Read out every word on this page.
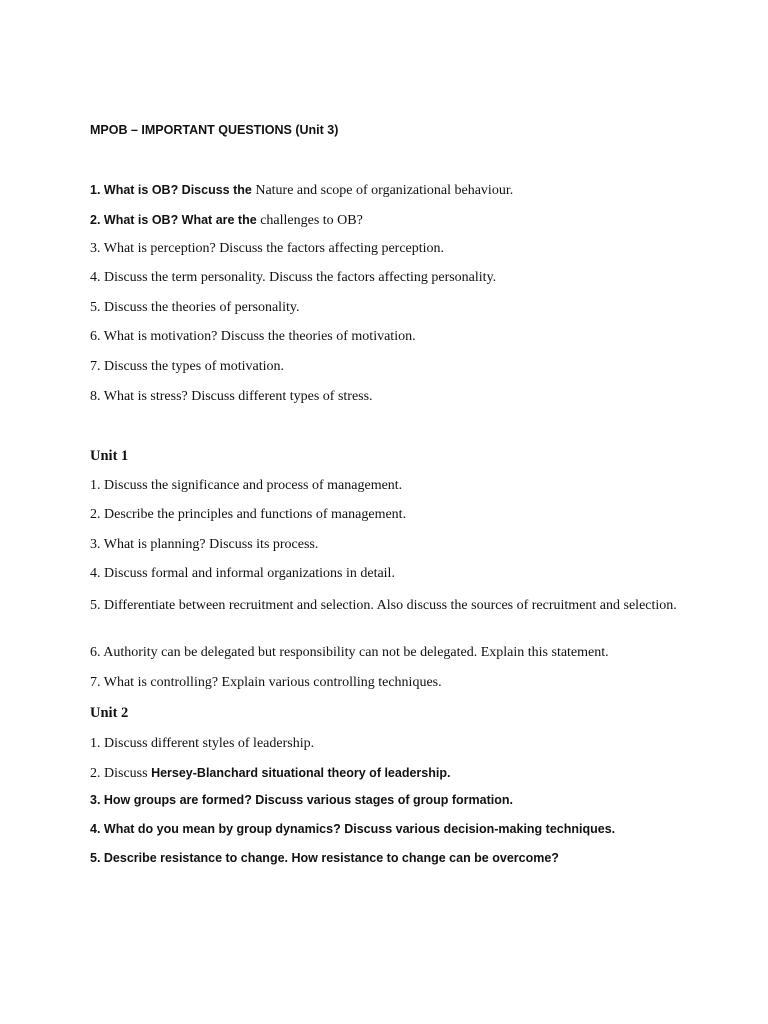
MPOB – IMPORTANT QUESTIONS (Unit 3)

1. What is OB? Discuss the Nature and scope of organizational behaviour.

2. What is OB? What are the challenges to OB?

3. What is perception? Discuss the factors affecting perception.

4. Discuss the term personality. Discuss the factors affecting personality.

5. Discuss the theories of personality.

6. What is motivation? Discuss the theories of motivation.

7. Discuss the types of motivation.

8. What is stress? Discuss different types of stress.

Unit 1

1. Discuss the significance and process of management.

2. Describe the principles and functions of management.

3. What is planning? Discuss its process.

4. Discuss formal and informal organizations in detail.

5. Differentiate between recruitment and selection. Also discuss the sources of recruitment and selection.

6. Authority can be delegated but responsibility can not be delegated. Explain this statement.

7. What is controlling? Explain various controlling techniques.

Unit 2

1. Discuss different styles of leadership.

2. Discuss Hersey-Blanchard situational theory of leadership.

3. How groups are formed? Discuss various stages of group formation.

4. What do you mean by group dynamics? Discuss various decision-making techniques.

5. Describe resistance to change. How resistance to change can be overcome?
